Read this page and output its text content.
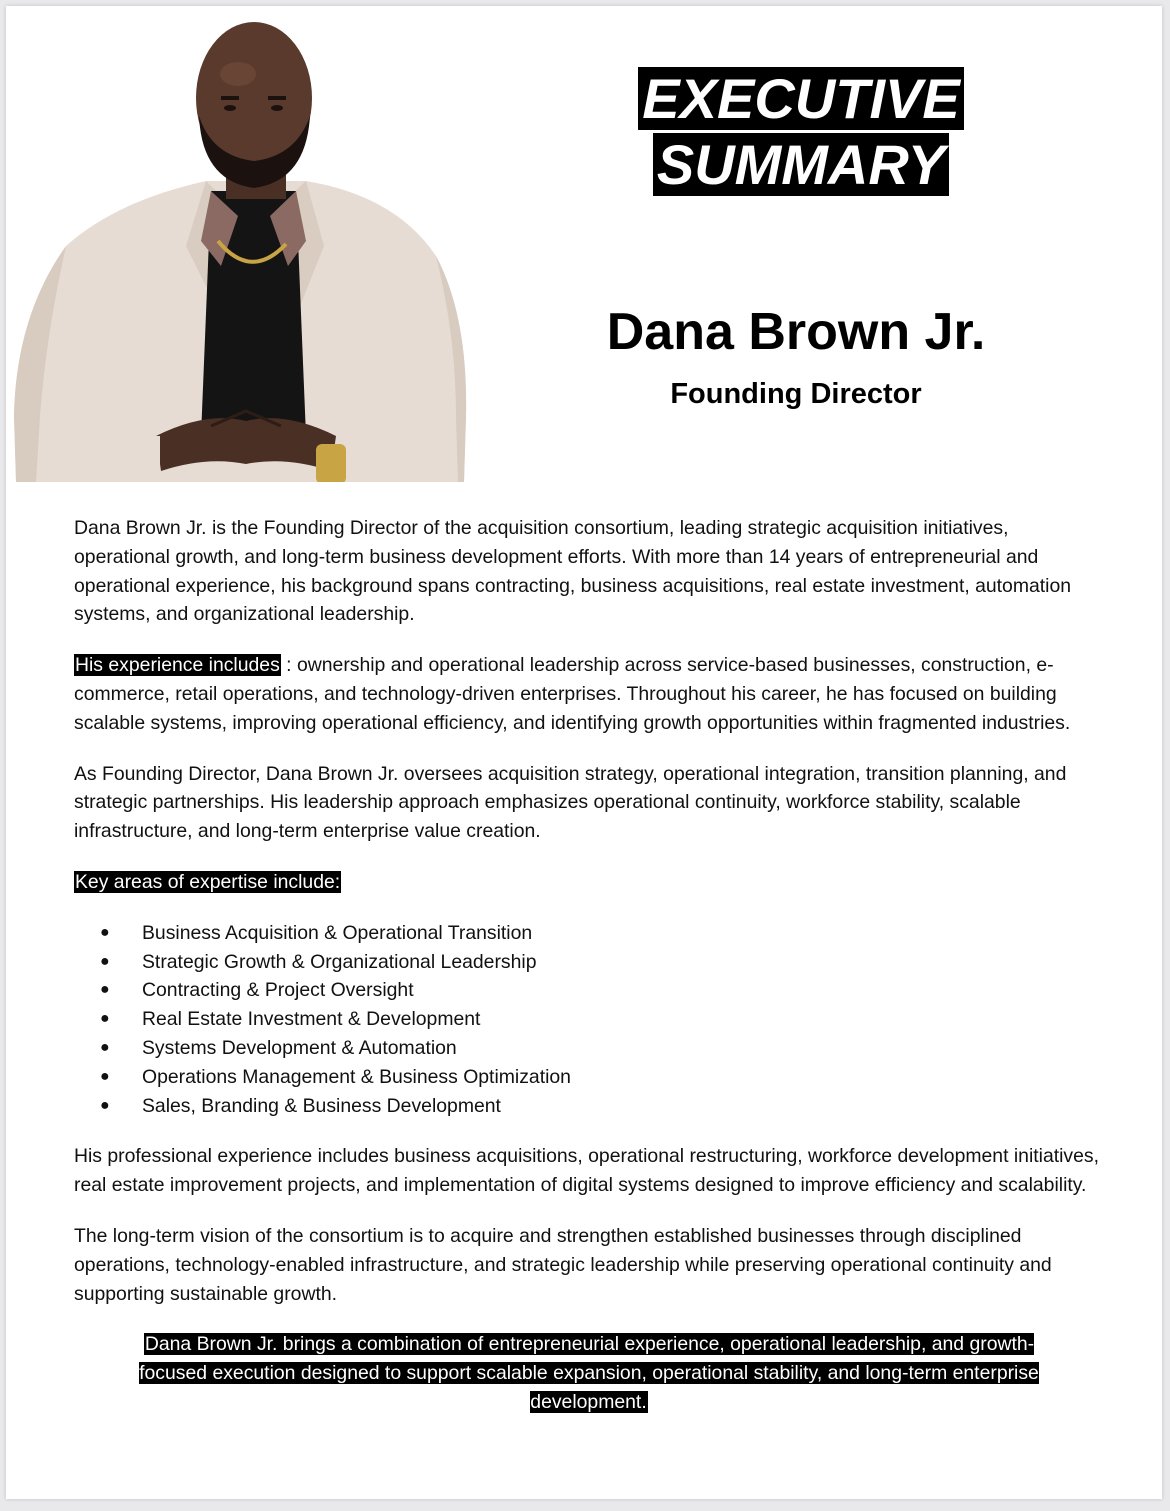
EXECUTIVE
SUMMARY
Dana Brown Jr.
Founding Director

Dana Brown Jr. is the Founding Director of the acquisition consortium, leading strategic acquisition initiatives, operational growth, and long-term business development efforts. With more than 14 years of entrepreneurial and operational experience, his background spans contracting, business acquisitions, real estate investment, automation systems, and organizational leadership.

His experience includes : ownership and operational leadership across service-based businesses, construction, e-commerce, retail operations, and technology-driven enterprises. Throughout his career, he has focused on building scalable systems, improving operational efficiency, and identifying growth opportunities within fragmented industries.

As Founding Director, Dana Brown Jr. oversees acquisition strategy, operational integration, transition planning, and strategic partnerships. His leadership approach emphasizes operational continuity, workforce stability, scalable infrastructure, and long-term enterprise value creation.

Key areas of expertise include:

● Business Acquisition & Operational Transition
● Strategic Growth & Organizational Leadership
● Contracting & Project Oversight
● Real Estate Investment & Development
● Systems Development & Automation
● Operations Management & Business Optimization
● Sales, Branding & Business Development

His professional experience includes business acquisitions, operational restructuring, workforce development initiatives, real estate improvement projects, and implementation of digital systems designed to improve efficiency and scalability.

The long-term vision of the consortium is to acquire and strengthen established businesses through disciplined operations, technology-enabled infrastructure, and strategic leadership while preserving operational continuity and supporting sustainable growth.

Dana Brown Jr. brings a combination of entrepreneurial experience, operational leadership, and growth-focused execution designed to support scalable expansion, operational stability, and long-term enterprise development.
